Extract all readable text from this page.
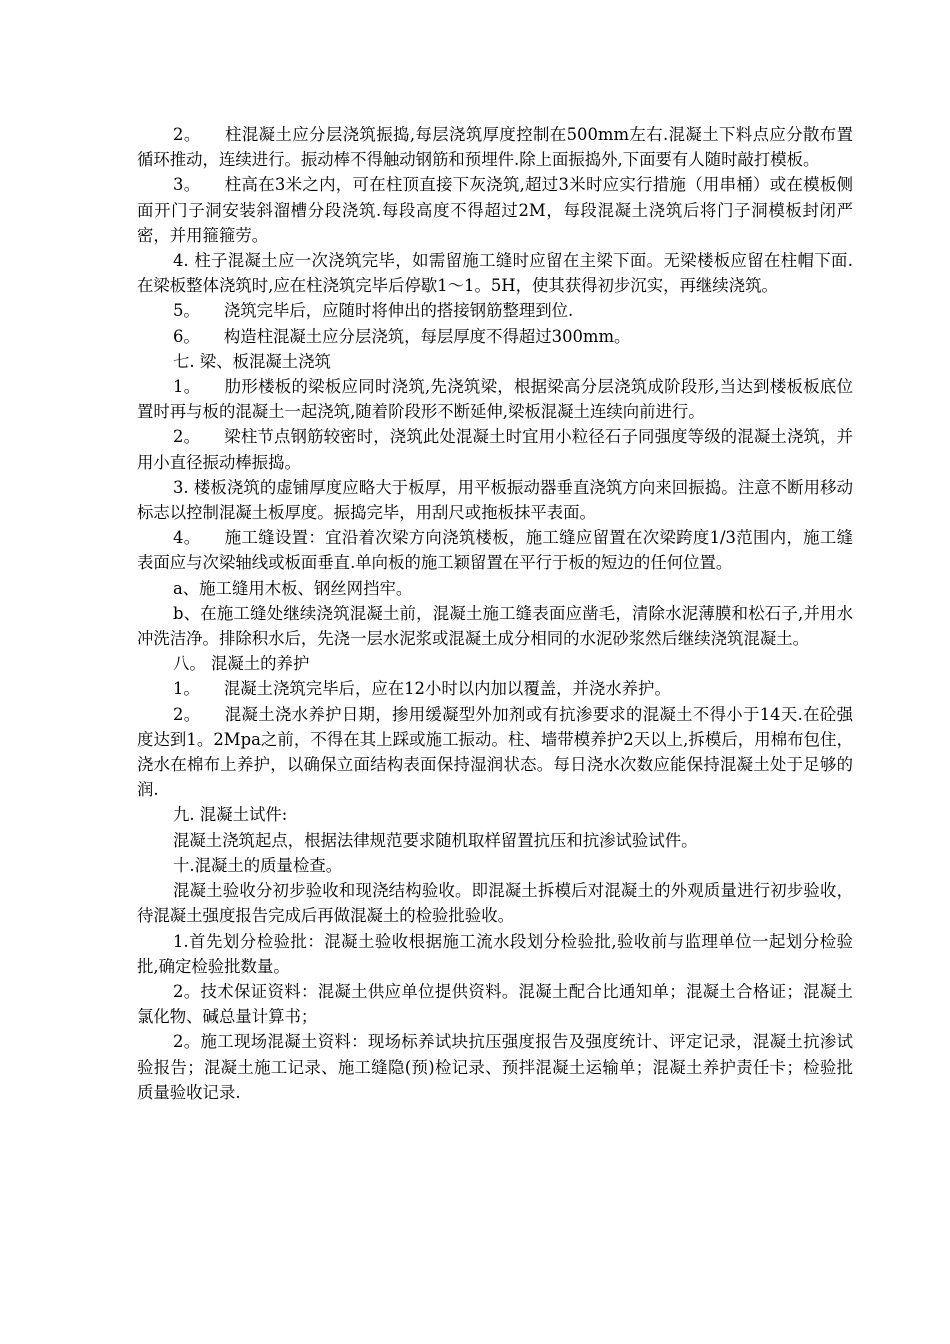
2。 柱混凝土应分层浇筑振捣,每层浇筑厚度控制在500mm左右.混凝土下料点应分散布置循环推动，连续进行。振动棒不得触动钢筋和预埋件.除上面振捣外,下面要有人随时敲打模板。

3。 柱高在3米之内，可在柱顶直接下灰浇筑,超过3米时应实行措施（用串桶）或在模板侧面开门子洞安装斜溜槽分段浇筑.每段高度不得超过2M，每段混凝土浇筑后将门子洞模板封闭严密，并用箍箍劳。

4. 柱子混凝土应一次浇筑完毕，如需留施工缝时应留在主梁下面。无梁楼板应留在柱帽下面.在梁板整体浇筑时,应在柱浇筑完毕后停歇1～1。5H，使其获得初步沉实，再继续浇筑。

5。 浇筑完毕后，应随时将伸出的搭接钢筋整理到位.

6。 构造柱混凝土应分层浇筑，每层厚度不得超过300mm。

七. 梁、板混凝土浇筑

1。 肋形楼板的梁板应同时浇筑,先浇筑梁，根据梁高分层浇筑成阶段形,当达到楼板板底位置时再与板的混凝土一起浇筑,随着阶段形不断延伸,梁板混凝土连续向前进行。

2。 梁柱节点钢筋较密时，浇筑此处混凝土时宜用小粒径石子同强度等级的混凝土浇筑，并用小直径振动棒振捣。

3. 楼板浇筑的虚铺厚度应略大于板厚，用平板振动器垂直浇筑方向来回振捣。注意不断用移动标志以控制混凝土板厚度。振捣完毕，用刮尺或拖板抹平表面。

4。 施工缝设置：宜沿着次梁方向浇筑楼板，施工缝应留置在次梁跨度1/3范围内，施工缝表面应与次梁轴线或板面垂直.单向板的施工颖留置在平行于板的短边的任何位置。

a、施工缝用木板、钢丝网挡牢。

b、在施工缝处继续浇筑混凝土前，混凝土施工缝表面应凿毛，清除水泥薄膜和松石子,并用水冲洗洁净。排除积水后，先浇一层水泥浆或混凝土成分相同的水泥砂浆然后继续浇筑混凝土。

八。 混凝土的养护

1。 混凝土浇筑完毕后，应在12小时以内加以覆盖，并浇水养护。

2。 混凝土浇水养护日期，掺用缓凝型外加剂或有抗渗要求的混凝土不得小于14天.在砼强度达到1。2Mpa之前，不得在其上踩或施工振动。柱、墙带模养护2天以上,拆模后，用棉布包住，浇水在棉布上养护，以确保立面结构表面保持湿润状态。每日浇水次数应能保持混凝土处于足够的润.

九. 混凝土试件:

混凝土浇筑起点，根据法律规范要求随机取样留置抗压和抗渗试验试件。

十.混凝土的质量检查。

混凝土验收分初步验收和现浇结构验收。即混凝土拆模后对混凝土的外观质量进行初步验收，待混凝土强度报告完成后再做混凝土的检验批验收。

1.首先划分检验批：混凝土验收根据施工流水段划分检验批,验收前与监理单位一起划分检验批,确定检验批数量。

2。技术保证资料：混凝土供应单位提供资料。混凝土配合比通知单；混凝土合格证；混凝土氯化物、碱总量计算书；

2。施工现场混凝土资料：现场标养试块抗压强度报告及强度统计、评定记录，混凝土抗渗试验报告；混凝土施工记录、施工缝隐(预)检记录、预拌混凝土运输单；混凝土养护责任卡；检验批质量验收记录.
